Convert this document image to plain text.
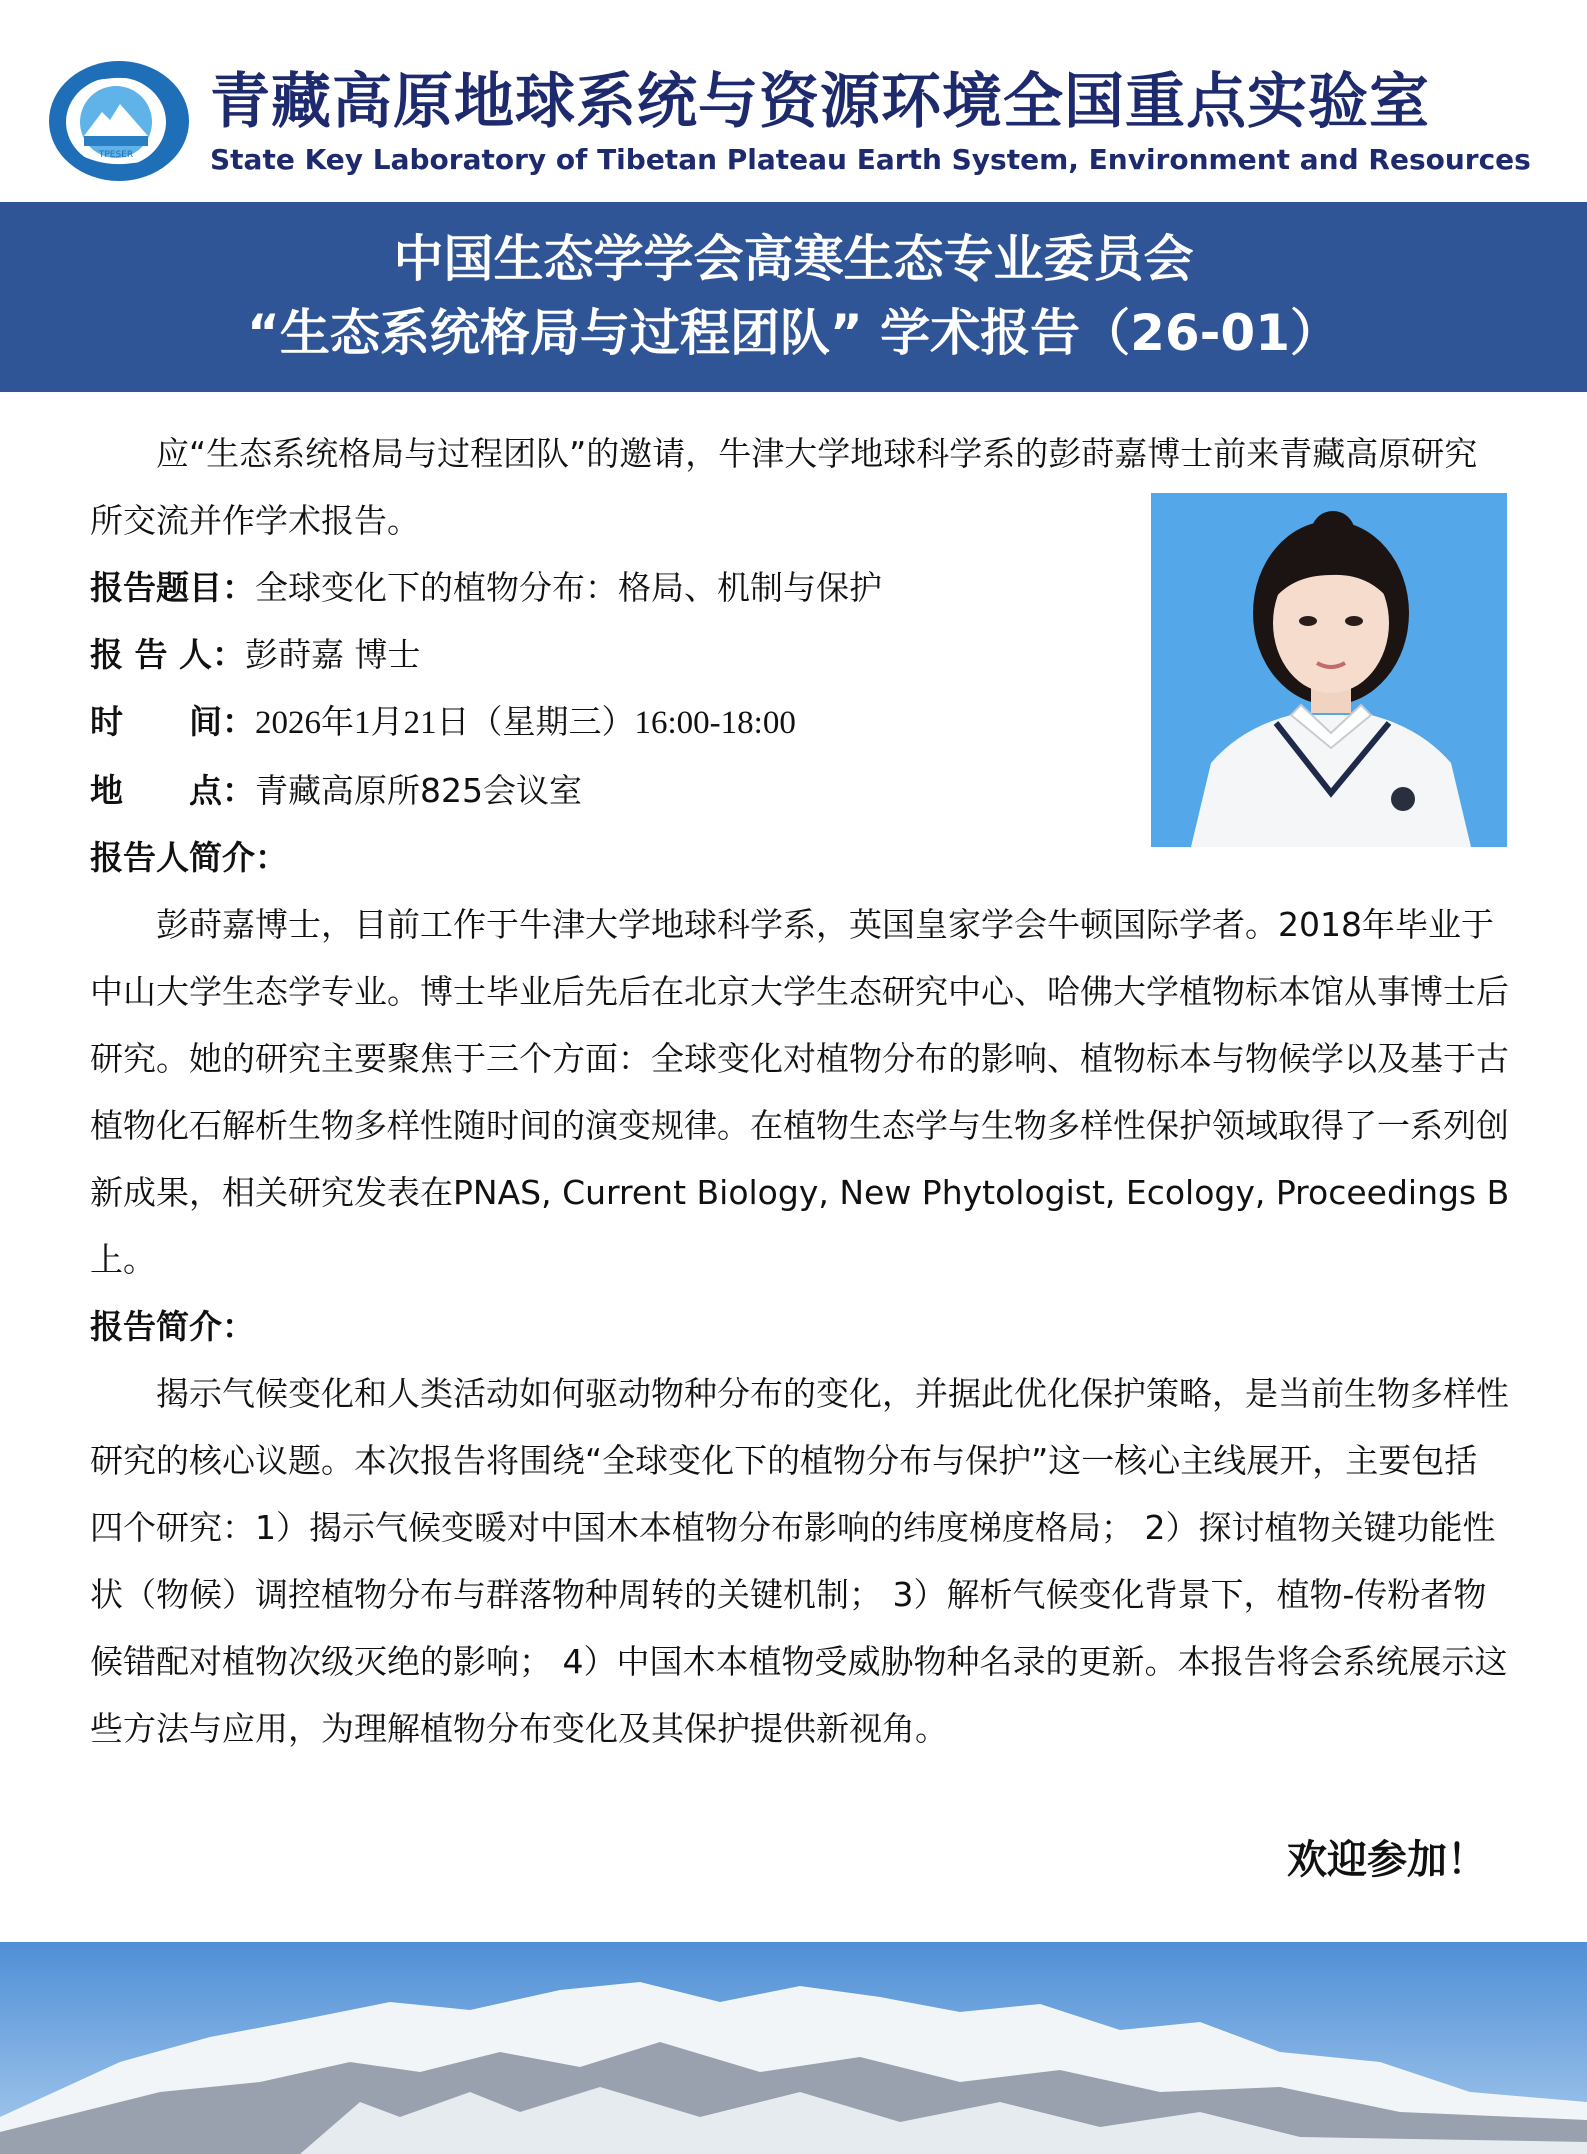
TPESER
青藏高原地球系统与资源环境全国重点实验室
State Key Laboratory of Tibetan Plateau Earth System, Environment and Resources
中国生态学学会高寒生态专业委员会
“生态系统格局与过程团队” 学术报告（26-01）

应“生态系统格局与过程团队”的邀请，牛津大学地球科学系的彭莳嘉博士前来青藏高原研究所交流并作学术报告。

报告题目：全球变化下的植物分布：格局、机制与保护
报 告 人：彭莳嘉 博士
时　　间：2026年1月21日（星期三）16:00-18:00
地　　点：青藏高原所825会议室
报告人简介：

彭莳嘉博士，目前工作于牛津大学地球科学系，英国皇家学会牛顿国际学者。2018年毕业于中山大学生态学专业。博士毕业后先后在北京大学生态研究中心、哈佛大学植物标本馆从事博士后研究。她的研究主要聚焦于三个方面：全球变化对植物分布的影响、植物标本与物候学以及基于古植物化石解析生物多样性随时间的演变规律。在植物生态学与生物多样性保护领域取得了一系列创新成果，相关研究发表在PNAS, Current Biology, New Phytologist, Ecology, Proceedings B 上。

报告简介：

揭示气候变化和人类活动如何驱动物种分布的变化，并据此优化保护策略，是当前生物多样性研究的核心议题。本次报告将围绕“全球变化下的植物分布与保护”这一核心主线展开，主要包括四个研究：1）揭示气候变暖对中国木本植物分布影响的纬度梯度格局； 2）探讨植物关键功能性状（物候）调控植物分布与群落物种周转的关键机制； 3）解析气候变化背景下，植物-传粉者物候错配对植物次级灭绝的影响； 4）中国木本植物受威胁物种名录的更新。本报告将会系统展示这些方法与应用，为理解植物分布变化及其保护提供新视角。

欢迎参加！
